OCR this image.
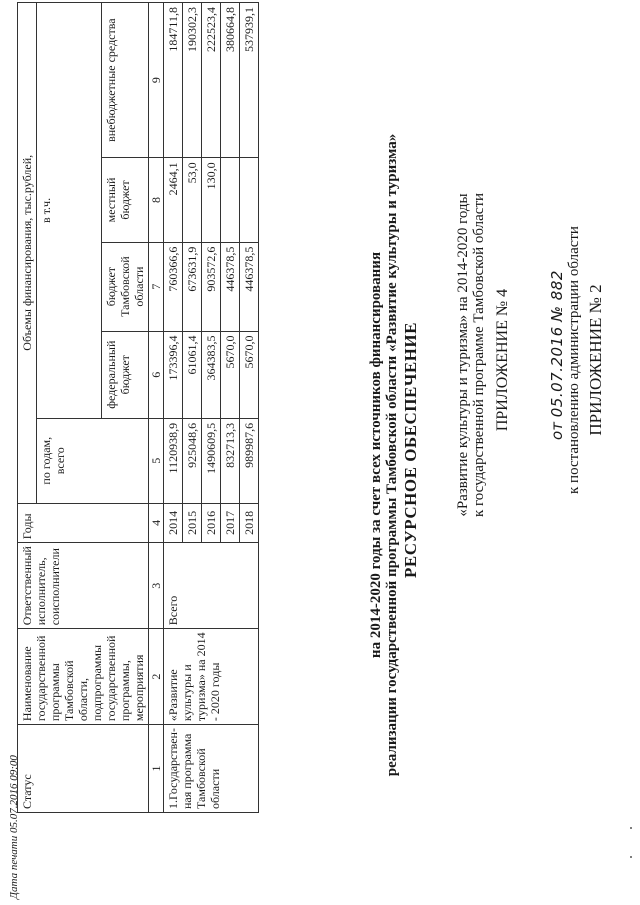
ПРИЛОЖЕНИЕ № 2
к постановлению администрации области
от 05.07.2016 № 882
ПРИЛОЖЕНИЕ № 4
к государственной программе Тамбовской области
«Развитие культуры и туризма» на 2014-2020 годы
РЕСУРСНОЕ ОБЕСПЕЧЕНИЕ
реализации государственной программы Тамбовской области «Развитие культуры и туризма»
на 2014-2020 годы за счет всех источников финансирования
Статус	Наименование государственной программы Тамбовской области, подпрограммы государственной программы, мероприятия	Ответственный исполнитель, соисполнители	Годы	Объемы финансирования, тыс.рублей,				
				по годам, всего	в т.ч.			
					федеральный бюджет	бюджет Тамбовской области	местный бюджет	внебюджетные средства
1	2	3	4	5	6	7	8	9
1.Государствен-ная программа Тамбовской области	«Развитие культуры и туризма» на 2014 - 2020 годы	Всего	2014	1120938,9	173396,4	760366,6	2464,1	184711,8
			2015	925048,6	61061,4	673631,9	53,0	190302,3
			2016	1490609,5	364383,5	903572,6	130,0	222523,4
			2017	832713,3	5670,0	446378,5		380664,8
			2018	989987,6	5670,0	446378,5		537939,1
Дата печати 05.07.2016 09:00
